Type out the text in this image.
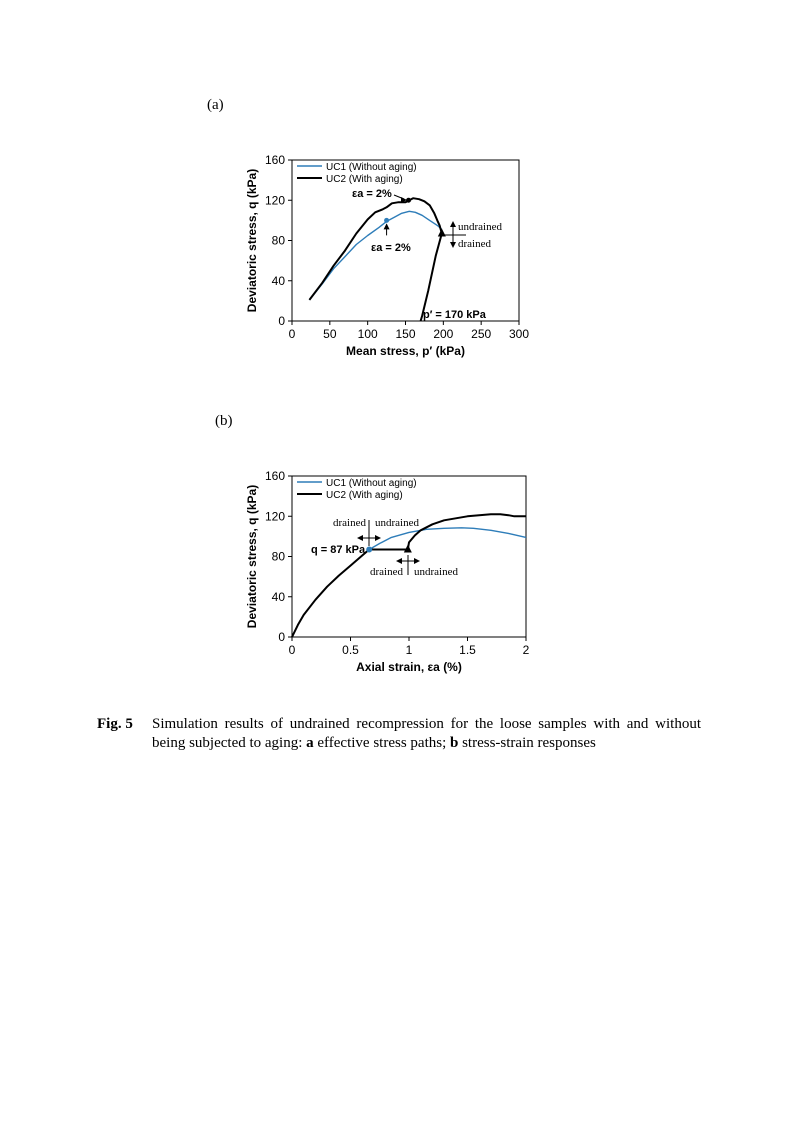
(a)
(b)
0 50 100 150 200 250 300
0
40
80
120
160
Mean stress, p′ (kPa)
Deviatoric stress, q (kPa)
UC1 (Without aging)
UC2 (With aging)
εa = 2%
εa = 2%
undrained
drained
p′ = 170 kPa
0	0.5	1	1.5	2
0
40
80
120
160
Axial strain, εa (%)
Deviatoric stress, q (kPa)
UC1 (Without aging)
UC2 (With aging)
q = 87 kPa
drained undrained
drained undrained
Fig. 5 Simulation results of undrained recompression for the loose samples with and without being subjected to aging: a effective stress paths; b stress-strain responses
